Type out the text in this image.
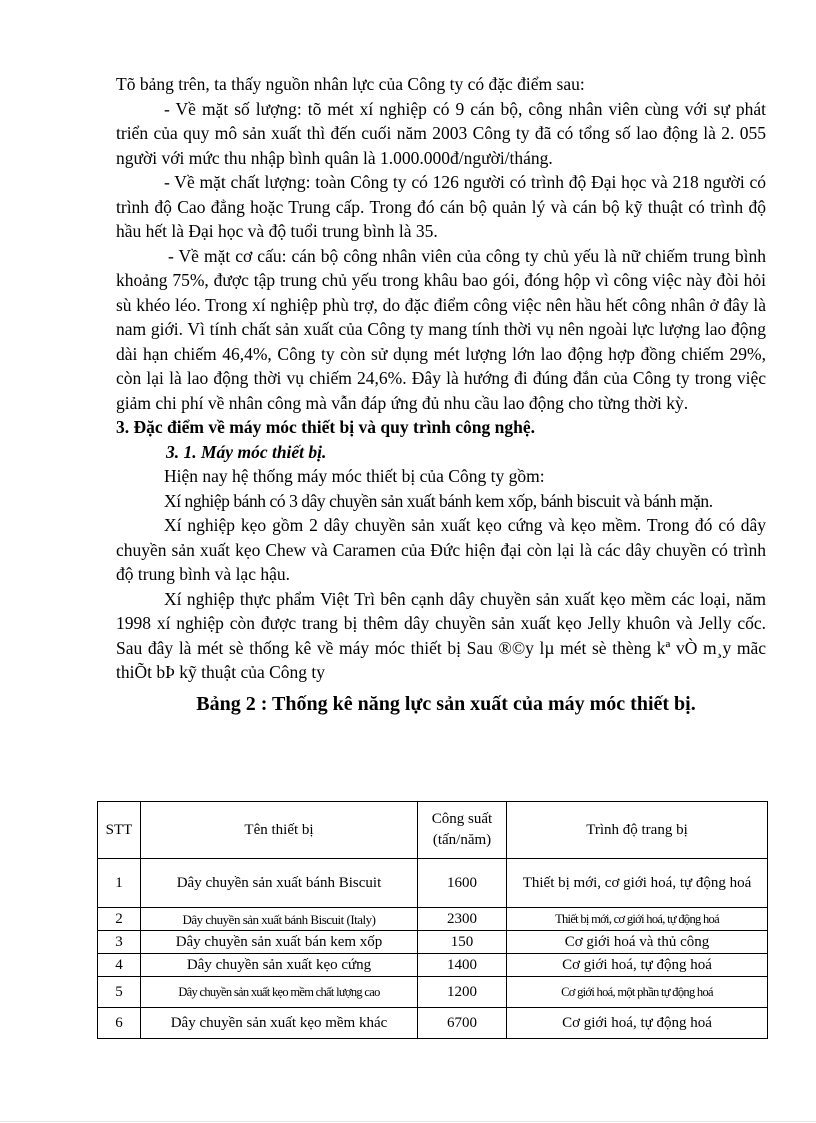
Tõ bảng trên, ta thấy nguồn nhân lực của Công ty có đặc điểm sau:

- Về mặt số lượng: tõ mét xí nghiệp có 9 cán bộ, công nhân viên cùng với sự phát triển của quy mô sản xuất thì đến cuối năm 2003 Công ty đã có tổng số lao động là 2. 055 người với mức thu nhập bình quân là 1.000.000đ/người/tháng.

- Về mặt chất lượng: toàn Công ty có 126 người có trình độ Đại học và 218 người có trình độ Cao đẳng hoặc Trung cấp. Trong đó cán bộ quản lý và cán bộ kỹ thuật có trình độ hầu hết là Đại học và độ tuổi trung bình là 35.

- Về mặt cơ cấu: cán bộ công nhân viên của công ty chủ yếu là nữ chiếm trung bình khoảng 75%, được tập trung chủ yếu trong khâu bao gói, đóng hộp vì công việc này đòi hỏi sù khéo léo. Trong xí nghiệp phù trợ, do đặc điểm công việc nên hầu hết công nhân ở đây là nam giới. Vì tính chất sản xuất của Công ty mang tính thời vụ nên ngoài lực lượng lao động dài hạn chiếm 46,4%, Công ty còn sử dụng mét lượng lớn lao động hợp đồng chiếm 29%, còn lại là lao động thời vụ chiếm 24,6%. Đây là hướng đi đúng đắn của Công ty trong việc giảm chi phí về nhân công mà vẫn đáp ứng đủ nhu cầu lao động cho từng thời kỳ.

3. Đặc điểm về máy móc thiết bị và quy trình công nghệ.

3. 1. Máy móc thiết bị.

Hiện nay hệ thống máy móc thiết bị của Công ty gồm:

Xí nghiệp bánh có 3 dây chuyền sản xuất bánh kem xốp, bánh biscuit và bánh mặn.

Xí nghiệp kẹo gồm 2 dây chuyền sản xuất kẹo cứng và kẹo mềm. Trong đó có dây chuyền sản xuất kẹo Chew và Caramen của Đức hiện đại còn lại là các dây chuyền có trình độ trung bình và lạc hậu.

Xí nghiệp thực phẩm Việt Trì bên cạnh dây chuyền sản xuất kẹo mềm các loại, năm 1998 xí nghiệp còn được trang bị thêm dây chuyền sản xuất kẹo Jelly khuôn và Jelly cốc. Sau đây là mét sè thống kê về máy móc thiết bị Sau ®©y lµ mét sè thèng kª vÒ m¸y mãc thiÕt bÞ kỹ thuật của Công ty

Bảng 2 : Thống kê năng lực sản xuất của máy móc thiết bị.

STT	Tên thiết bị	Công suất (tấn/năm)	Trình độ trang bị
1	Dây chuyền sản xuất bánh Biscuit	1600	Thiết bị mới, cơ giới hoá, tự động hoá
2	Dây chuyền sản xuất bánh Biscuit (Italy)	2300	Thiết bị mới, cơ giới hoá, tự động hoá
3	Dây chuyền sản xuất bán kem xốp	150	Cơ giới hoá và thủ công
4	Dây chuyền sản xuất kẹo cứng	1400	Cơ giới hoá, tự động hoá
5	Dây chuyền sản xuất kẹo mềm chất lượng cao	1200	Cơ giới hoá, một phần tự động hoá
6	Dây chuyền sản xuất kẹo mềm khác	6700	Cơ giới hoá, tự động hoá
